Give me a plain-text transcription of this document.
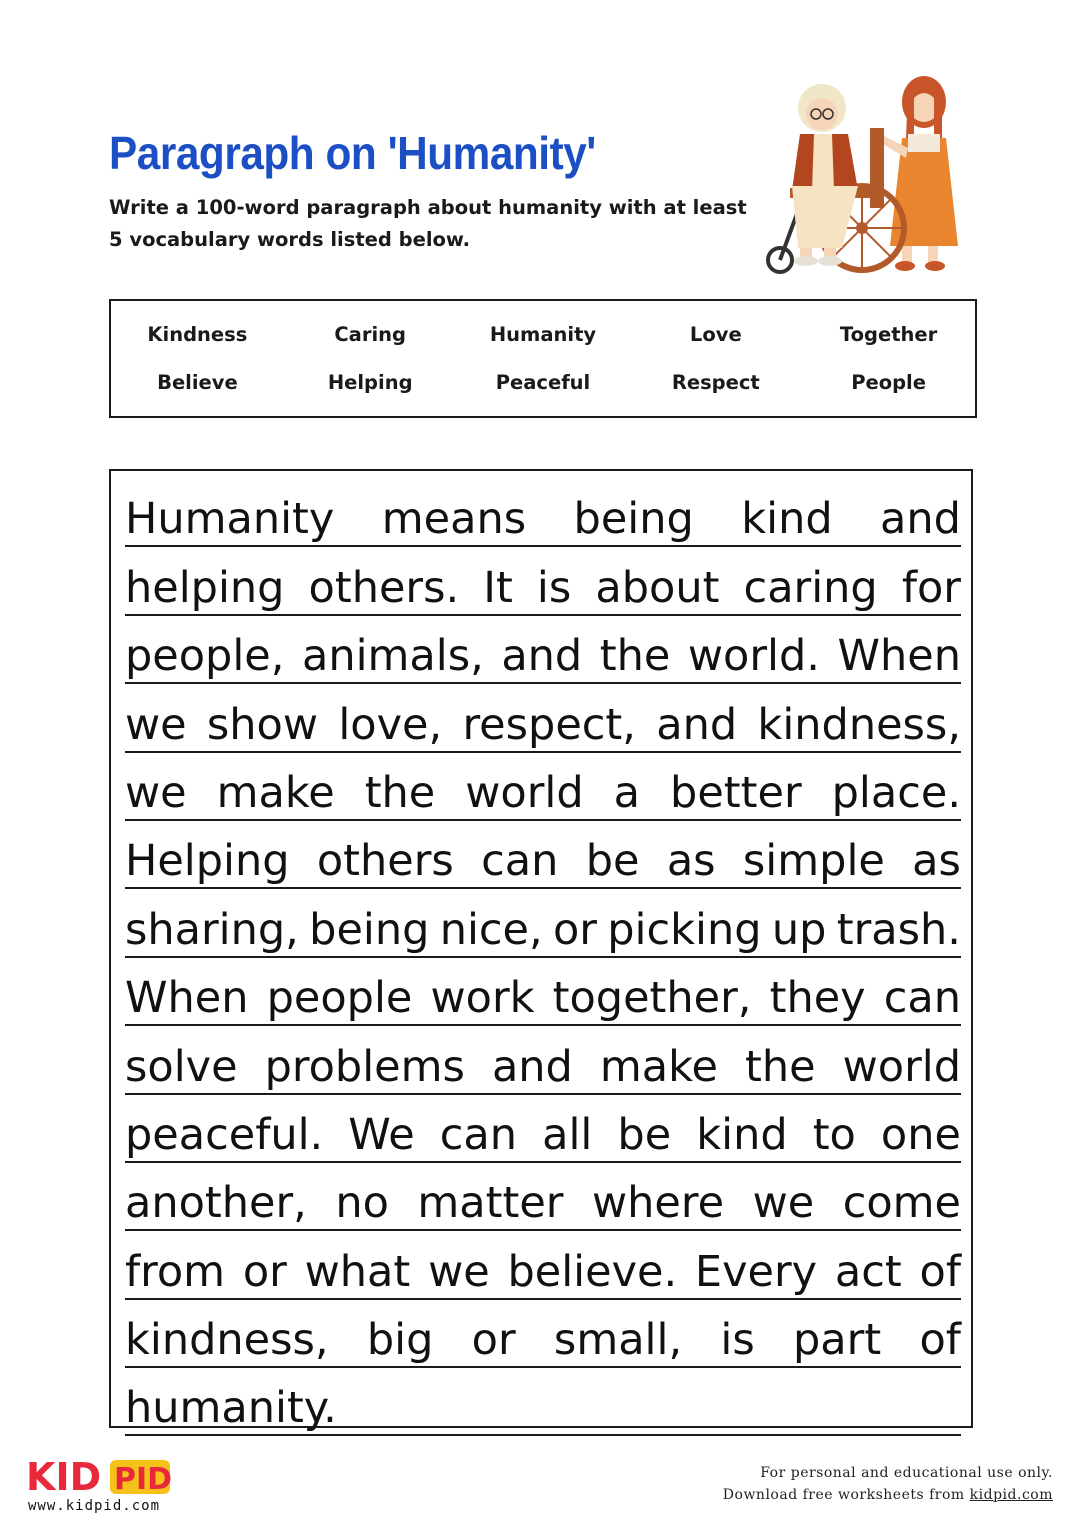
Paragraph on 'Humanity'

Write a 100-word paragraph about humanity with at least 5 vocabulary words listed below.

Kindness	Caring	Humanity	Love	Together
Believe	Helping	Peaceful	Respect	People
Humanity means being kind and
helping others. It is about caring for
people, animals, and the world. When
we show love, respect, and kindness,
we make the world a better place.
Helping others can be as simple as
sharing, being nice, or picking up trash.
When people work together, they can
solve problems and make the world
peaceful. We can all be kind to one
another, no matter where we come
from or what we believe. Every act of
kindness, big or small, is part of
humanity.
KID PID

www.kidpid.com

For personal and educational use only.
Download free worksheets from kidpid.com
